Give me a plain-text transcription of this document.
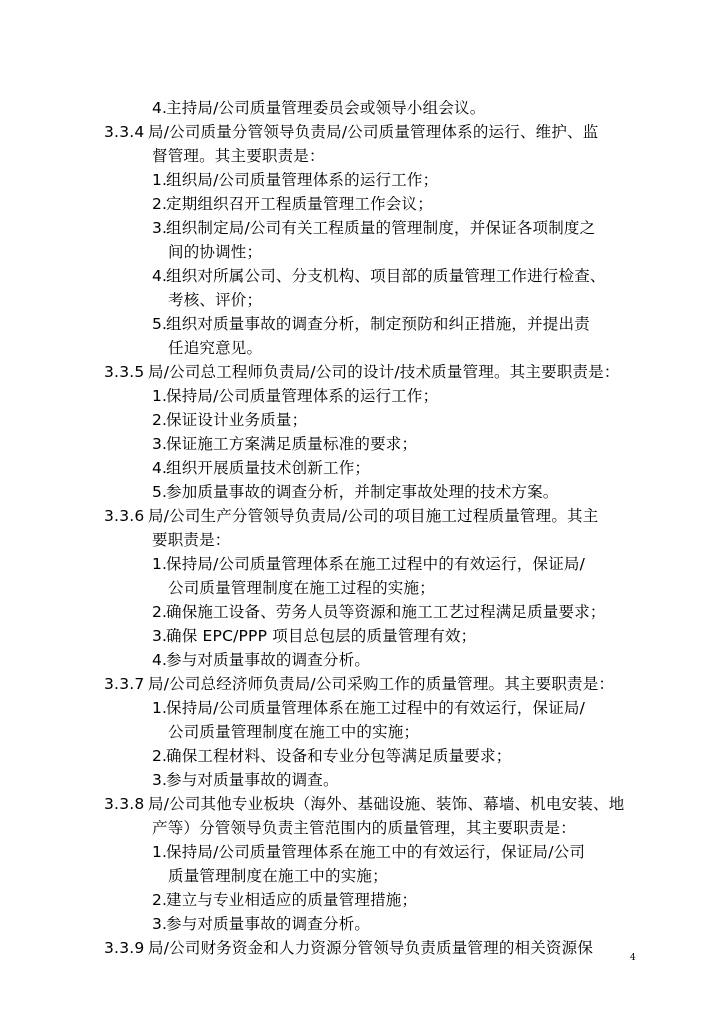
4.
主持局/公司质量管理委员会或领导小组会议。
3.3.4 局/公司质量分管领导负责局/公司质量管理体系的运行、维护、监
督管理。其主要职责是：
1.
组织局/公司质量管理体系的运行工作；
2.
定期组织召开工程质量管理工作会议；
3.
组织制定局/公司有关工程质量的管理制度，并保证各项制度之
间的协调性；
4.
组织对所属公司、分支机构、项目部的质量管理工作进行检查、
考核、评价；
5.
组织对质量事故的调查分析，制定预防和纠正措施，并提出责
任追究意见。
3.3.5 局/公司总工程师负责局/公司的设计/技术质量管理。其主要职责是：
1.
保持局/公司质量管理体系的运行工作；
2.
保证设计业务质量；
3.
保证施工方案满足质量标准的要求；
4.
组织开展质量技术创新工作；
5.
参加质量事故的调查分析，并制定事故处理的技术方案。
3.3.6 局/公司生产分管领导负责局/公司的项目施工过程质量管理。其主
要职责是：
1.
保持局/公司质量管理体系在施工过程中的有效运行，保证局/
公司质量管理制度在施工过程的实施；
2.
确保施工设备、劳务人员等资源和施工工艺过程满足质量要求；
3.
确保 EPC/PPP 项目总包层的质量管理有效；
4.
参与对质量事故的调查分析。
3.3.7 局/公司总经济师负责局/公司采购工作的质量管理。其主要职责是：
1.
保持局/公司质量管理体系在施工过程中的有效运行，保证局/
公司质量管理制度在施工中的实施；
2.
确保工程材料、设备和专业分包等满足质量要求；
3.
参与对质量事故的调查。
3.3.8 局/公司其他专业板块（海外、基础设施、装饰、幕墙、机电安装、地
产等）分管领导负责主管范围内的质量管理，其主要职责是：
1.
保持局/公司质量管理体系在施工中的有效运行，保证局/公司
质量管理制度在施工中的实施；
2.
建立与专业相适应的质量管理措施；
3.
参与对质量事故的调查分析。
3.3.9 局/公司财务资金和人力资源分管领导负责质量管理的相关资源保
4
